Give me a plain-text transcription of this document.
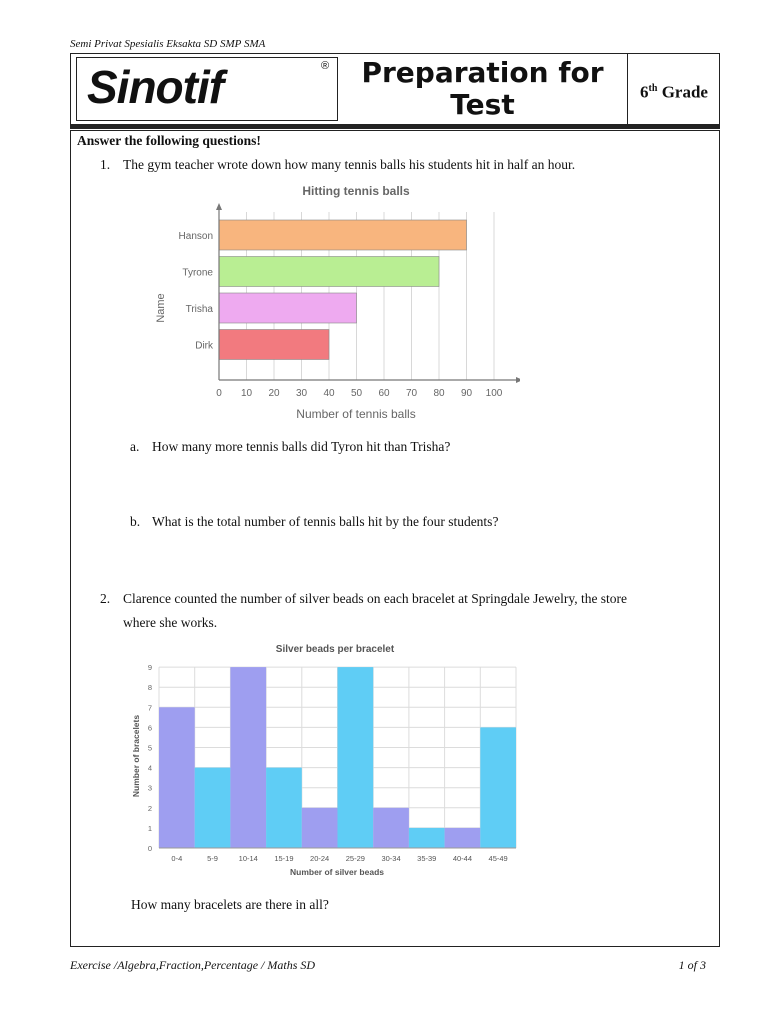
Semi Privat Spesialis Eksakta SD SMP SMA
Sinotif	®	Preparation for
Test	6th Grade
Answer the following questions!
1. The gym teacher wrote down how many tennis balls his students hit in half an hour.
Hitting tennis balls
Hanson
Tyrone
Trisha
Dirk
0 10 20 30 40 50 60 70 80 90 100
Number of tennis balls
Name
a. How many more tennis balls did Tyron hit than Trisha?
b. What is the total number of tennis balls hit by the four students?
2. Clarence counted the number of silver beads on each bracelet at Springdale Jewelry, the store
where she works.
Silver beads per bracelet
0
1
2
3
4
5
6
7
8
9
0-4	5-9	10-14 15-19 20-24 25-29 30-34 35-39 40-44 45-49
Number of silver beads
Number of bracelets
How many bracelets are there in all?
Exercise /Algebra,Fraction,Percentage / Maths SD	1 of 3
